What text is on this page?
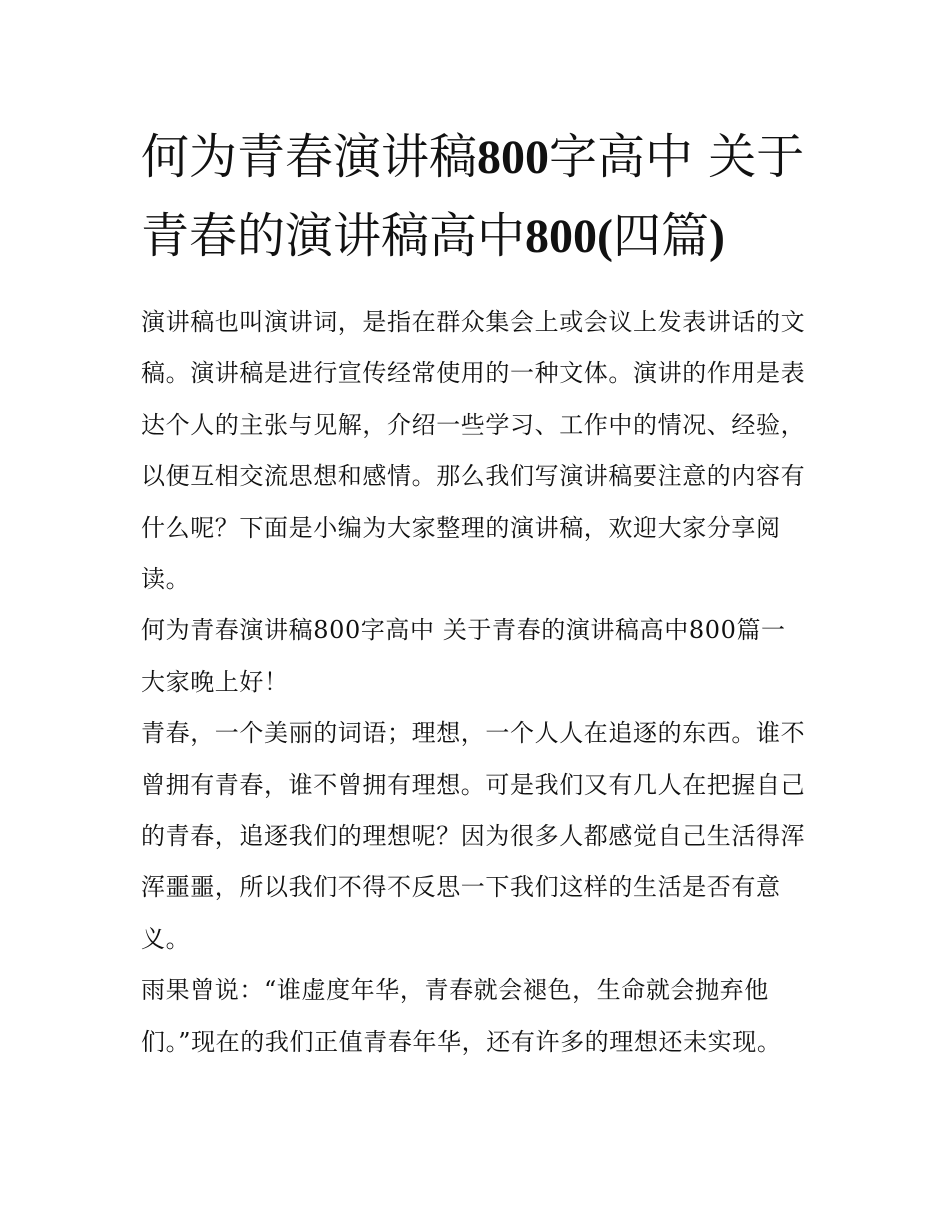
何为青春演讲稿800字高中 关于青春的演讲稿高中800(四篇)

演讲稿也叫演讲词，是指在群众集会上或会议上发表讲话的文稿。演讲稿是进行宣传经常使用的一种文体。演讲的作用是表达个人的主张与见解，介绍一些学习、工作中的情况、经验，以便互相交流思想和感情。那么我们写演讲稿要注意的内容有什么呢？下面是小编为大家整理的演讲稿，欢迎大家分享阅读。

何为青春演讲稿800字高中 关于青春的演讲稿高中800篇一

大家晚上好！

青春，一个美丽的词语；理想，一个人人在追逐的东西。谁不曾拥有青春，谁不曾拥有理想。可是我们又有几人在把握自己的青春，追逐我们的理想呢？因为很多人都感觉自己生活得浑浑噩噩，所以我们不得不反思一下我们这样的生活是否有意义。

雨果曾说：“谁虚度年华，青春就会褪色，生命就会抛弃他们。”现在的我们正值青春年华，还有许多的理想还未实现。
